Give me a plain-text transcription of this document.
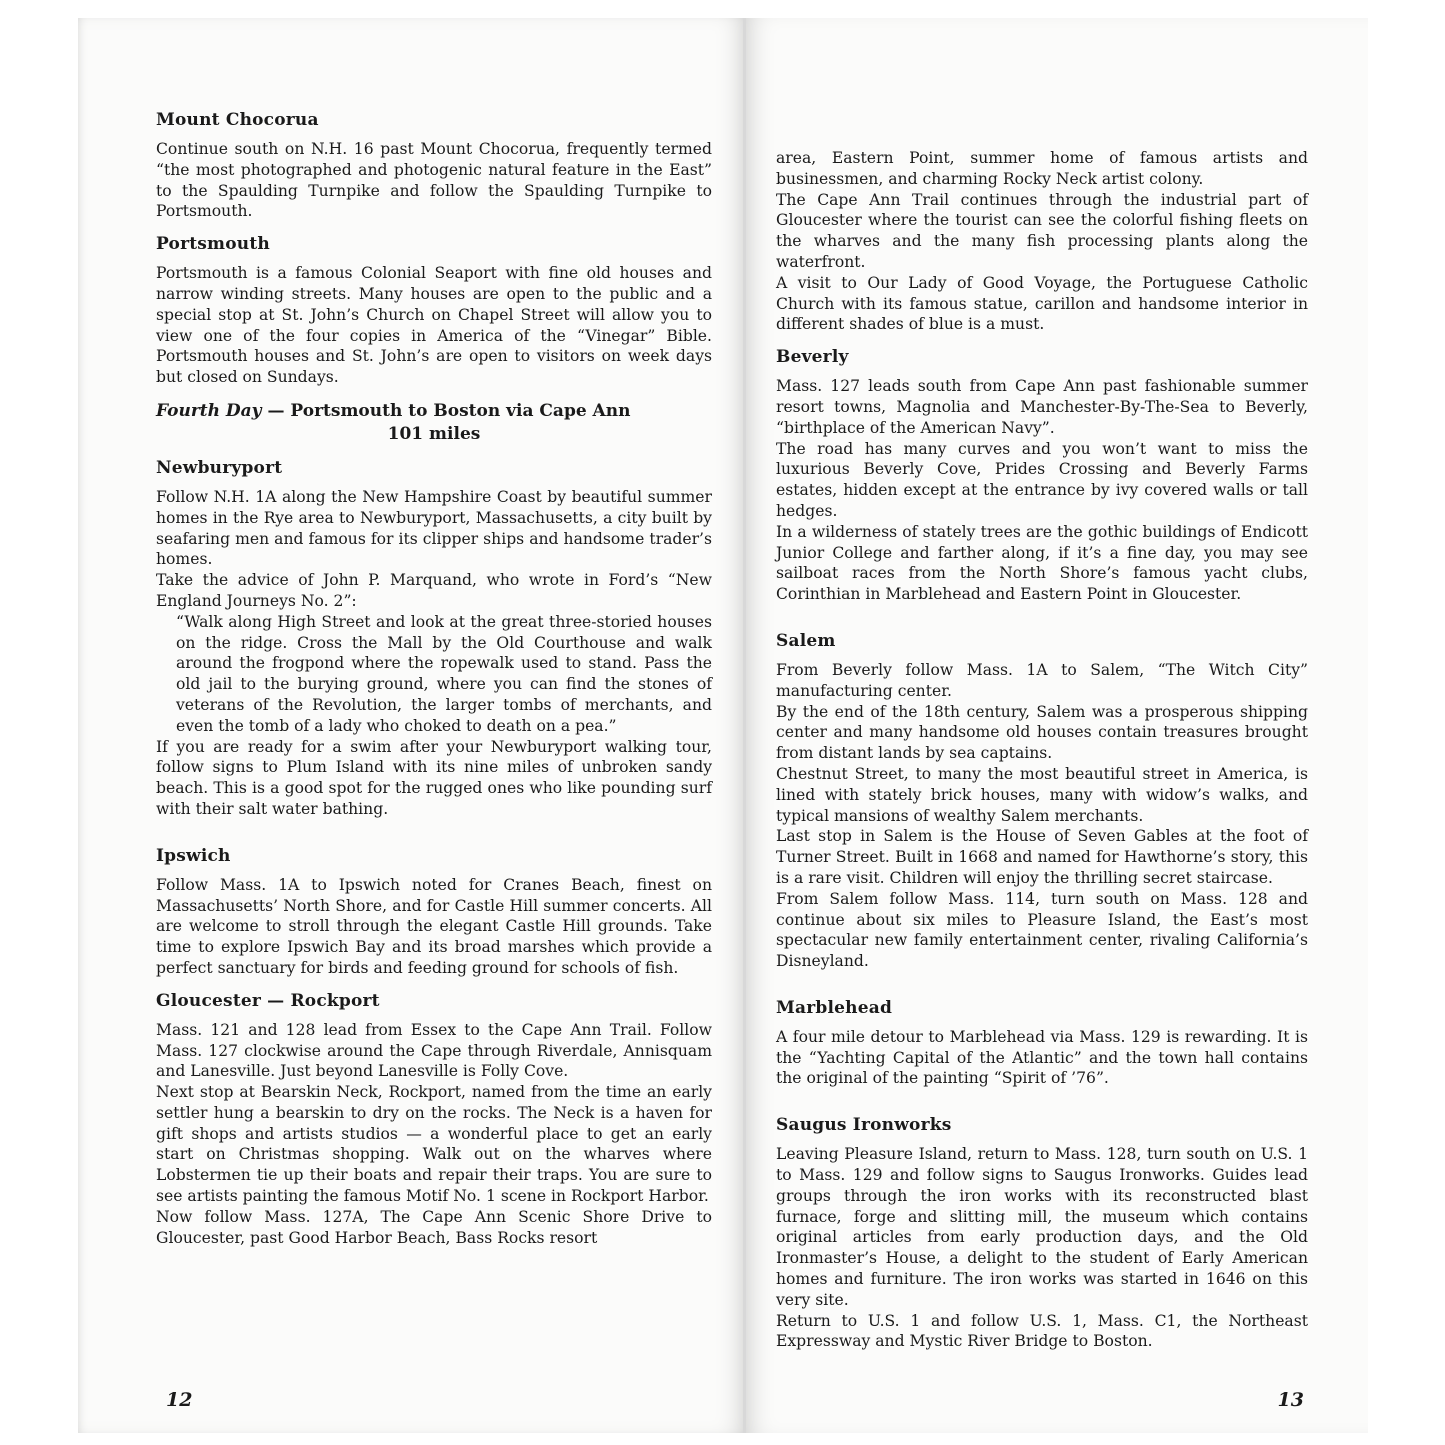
Mount Chocorua

Continue south on N.H. 16 past Mount Chocorua, frequently termed “the most photographed and photogenic natural feature in the East” to the Spaulding Turnpike and follow the Spaulding Turnpike to Portsmouth.

Portsmouth

Portsmouth is a famous Colonial Seaport with fine old houses and narrow winding streets. Many houses are open to the public and a special stop at St. John’s Church on Chapel Street will allow you to view one of the four copies in America of the “Vinegar” Bible. Portsmouth houses and St. John’s are open to visitors on week days but closed on Sundays.

Fourth Day — Portsmouth to Boston via Cape Ann
101 miles
Newburyport

Follow N.H. 1A along the New Hampshire Coast by beautiful summer homes in the Rye area to Newburyport, Massachusetts, a city built by seafaring men and famous for its clipper ships and handsome trader’s homes.

Take the advice of John P. Marquand, who wrote in Ford’s “New England Journeys No. 2”:

“Walk along High Street and look at the great three-storied houses on the ridge. Cross the Mall by the Old Courthouse and walk around the frogpond where the ropewalk used to stand. Pass the old jail to the burying ground, where you can find the stones of veterans of the Revolution, the larger tombs of merchants, and even the tomb of a lady who choked to death on a pea.”

If you are ready for a swim after your Newburyport walking tour, follow signs to Plum Island with its nine miles of unbroken sandy beach. This is a good spot for the rugged ones who like pounding surf with their salt water bathing.

Ipswich

Follow Mass. 1A to Ipswich noted for Cranes Beach, finest on Massachusetts’ North Shore, and for Castle Hill summer concerts. All are welcome to stroll through the elegant Castle Hill grounds. Take time to explore Ipswich Bay and its broad marshes which provide a perfect sanctuary for birds and feeding ground for schools of fish.

Gloucester — Rockport

Mass. 121 and 128 lead from Essex to the Cape Ann Trail. Follow Mass. 127 clockwise around the Cape through Riverdale, Annisquam and Lanesville. Just beyond Lanesville is Folly Cove.

Next stop at Bearskin Neck, Rockport, named from the time an early settler hung a bearskin to dry on the rocks. The Neck is a haven for gift shops and artists studios — a wonderful place to get an early start on Christmas shopping. Walk out on the wharves where Lobstermen tie up their boats and repair their traps. You are sure to see artists painting the famous Motif No. 1 scene in Rockport Harbor.

Now follow Mass. 127A, The Cape Ann Scenic Shore Drive to Gloucester, past Good Harbor Beach, Bass Rocks resort

12

area, Eastern Point, summer home of famous artists and businessmen, and charming Rocky Neck artist colony.

The Cape Ann Trail continues through the industrial part of Gloucester where the tourist can see the colorful fishing fleets on the wharves and the many fish processing plants along the waterfront.

A visit to Our Lady of Good Voyage, the Portuguese Catholic Church with its famous statue, carillon and handsome interior in different shades of blue is a must.

Beverly

Mass. 127 leads south from Cape Ann past fashionable summer resort towns, Magnolia and Manchester-By-The-Sea to Beverly, “birthplace of the American Navy”.

The road has many curves and you won’t want to miss the luxurious Beverly Cove, Prides Crossing and Beverly Farms estates, hidden except at the entrance by ivy covered walls or tall hedges.

In a wilderness of stately trees are the gothic buildings of Endicott Junior College and farther along, if it’s a fine day, you may see sailboat races from the North Shore’s famous yacht clubs, Corinthian in Marblehead and Eastern Point in Gloucester.

Salem

From Beverly follow Mass. 1A to Salem, “The Witch City” manufacturing center.

By the end of the 18th century, Salem was a prosperous shipping center and many handsome old houses contain treasures brought from distant lands by sea captains.

Chestnut Street, to many the most beautiful street in America, is lined with stately brick houses, many with widow’s walks, and typical mansions of wealthy Salem merchants.

Last stop in Salem is the House of Seven Gables at the foot of Turner Street. Built in 1668 and named for Hawthorne’s story, this is a rare visit. Children will enjoy the thrilling secret staircase.

From Salem follow Mass. 114, turn south on Mass. 128 and continue about six miles to Pleasure Island, the East’s most spectacular new family entertainment center, rivaling California’s Disneyland.

Marblehead

A four mile detour to Marblehead via Mass. 129 is rewarding. It is the “Yachting Capital of the Atlantic” and the town hall contains the original of the painting “Spirit of ’76”.

Saugus Ironworks

Leaving Pleasure Island, return to Mass. 128, turn south on U.S. 1 to Mass. 129 and follow signs to Saugus Ironworks. Guides lead groups through the iron works with its reconstructed blast furnace, forge and slitting mill, the museum which contains original articles from early production days, and the Old Ironmaster’s House, a delight to the student of Early American homes and furniture. The iron works was started in 1646 on this very site.

Return to U.S. 1 and follow U.S. 1, Mass. C1, the Northeast Expressway and Mystic River Bridge to Boston.

13
